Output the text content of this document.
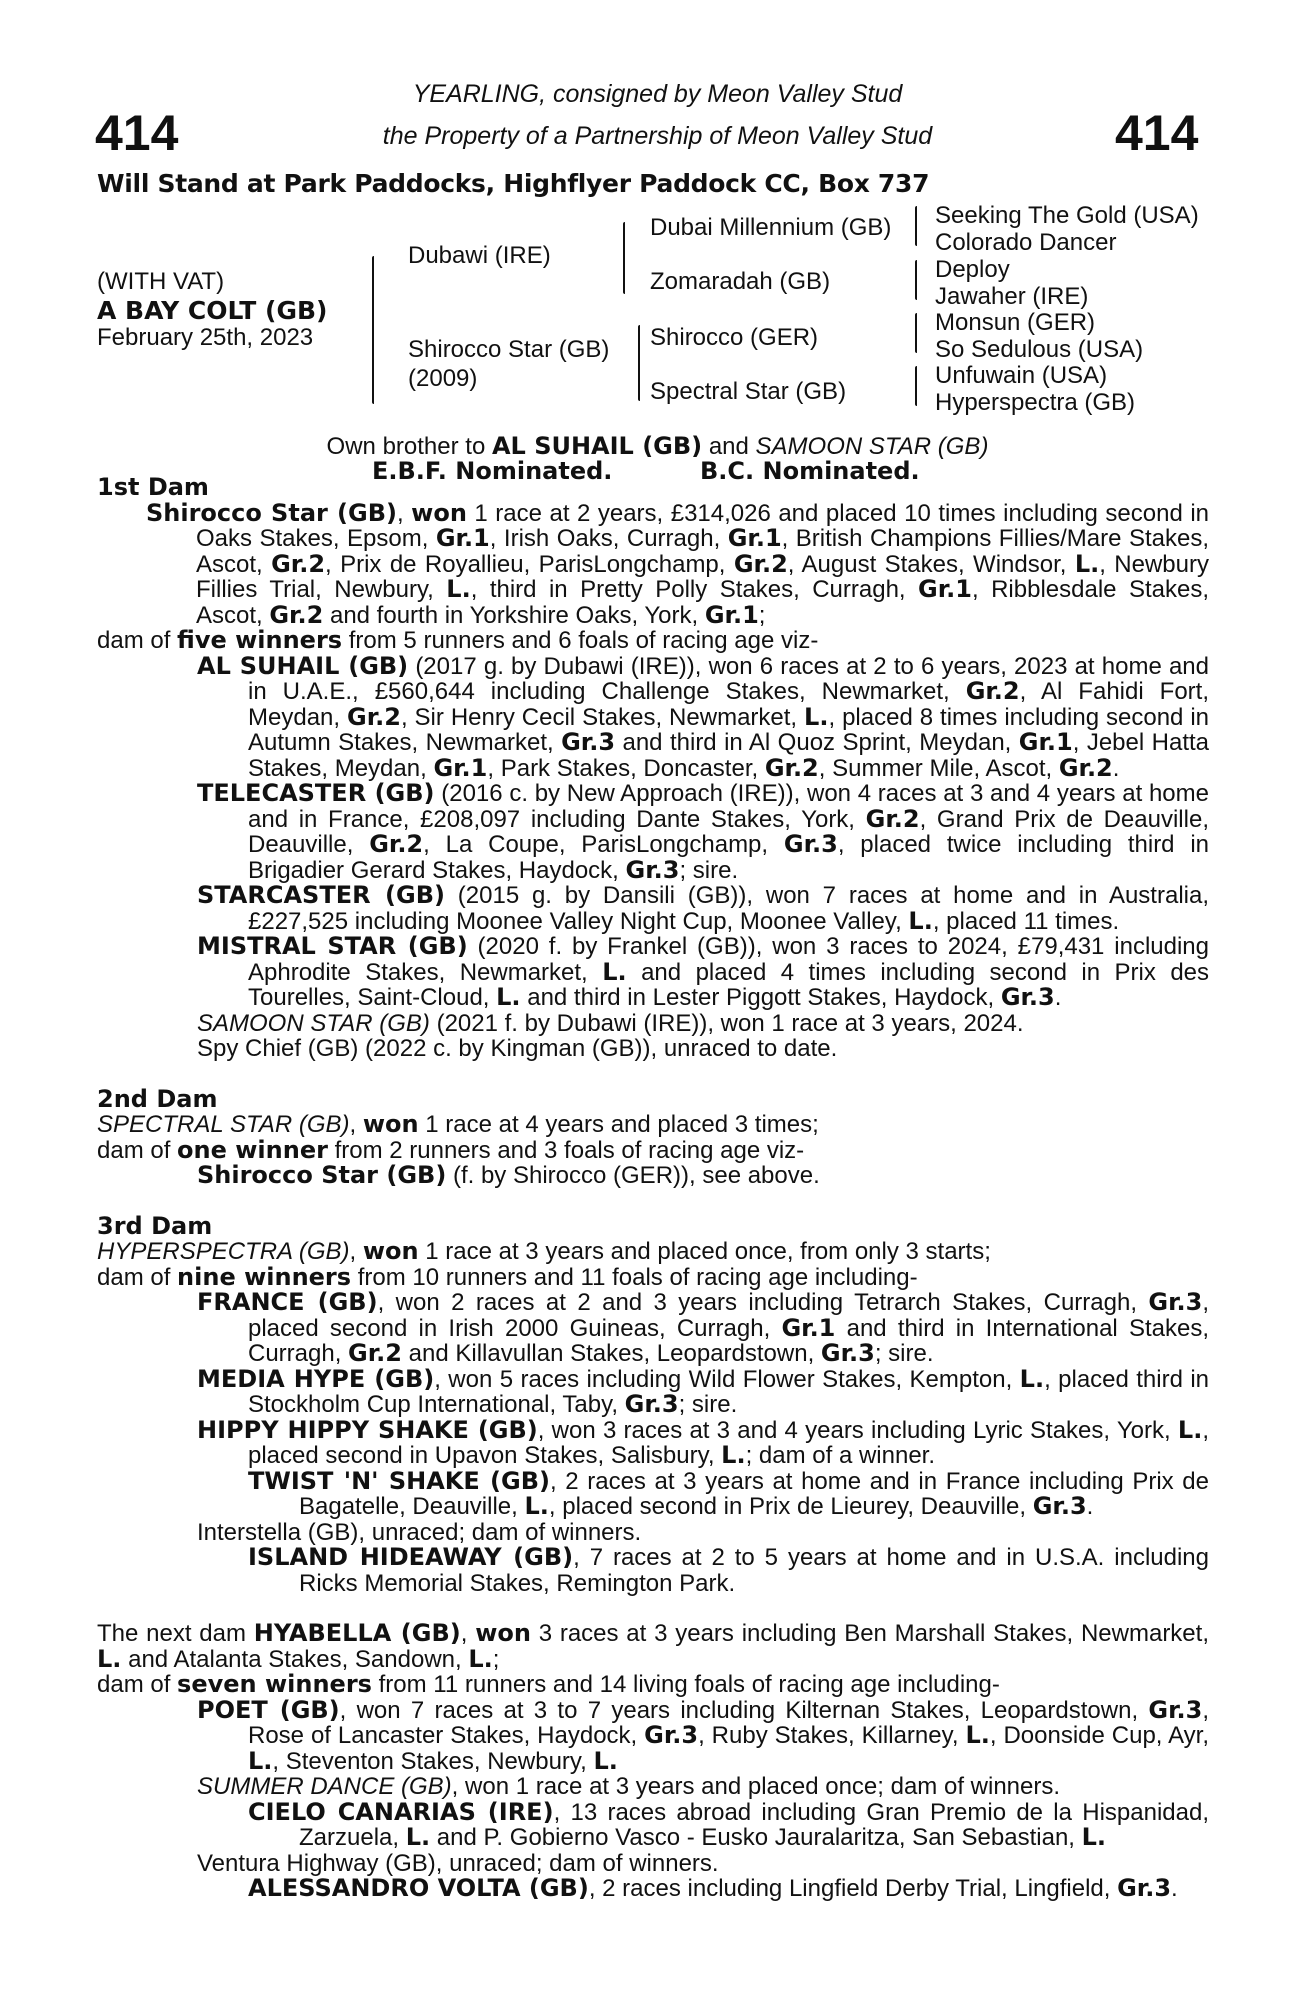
414	414
YEARLING, consigned by Meon Valley Stud
the Property of a Partnership of Meon Valley Stud
Will Stand at Park Paddocks, Highflyer Paddock CC, Box 737
(WITH VAT)
A BAY COLT (GB)
February 25th, 2023
Dubawi (IRE)
Shirocco Star (GB)
(2009)
Dubai Millennium (GB)
Zomaradah (GB)
Shirocco (GER)
Spectral Star (GB)
Seeking The Gold (USA)
Colorado Dancer
Deploy
Jawaher (IRE)
Monsun (GER)
So Sedulous (USA)
Unfuwain (USA)
Hyperspectra (GB)
Own brother to AL SUHAIL (GB) and SAMOON STAR (GB)
E.B.F. Nominated.	B.C. Nominated.

1st Dam

Shirocco Star (GB), won 1 race at 2 years, £314,026 and placed 10 times including second in Oaks Stakes, Epsom, Gr.1, Irish Oaks, Curragh, Gr.1, British Champions Fillies/Mare Stakes, Ascot, Gr.2, Prix de Royallieu, ParisLongchamp, Gr.2, August Stakes, Windsor, L., Newbury Fillies Trial, Newbury, L., third in Pretty Polly Stakes, Curragh, Gr.1, Ribblesdale Stakes, Ascot, Gr.2 and fourth in Yorkshire Oaks, York, Gr.1;

dam of five winners from 5 runners and 6 foals of racing age viz-

AL SUHAIL (GB) (2017 g. by Dubawi (IRE)), won 6 races at 2 to 6 years, 2023 at home and in U.A.E., £560,644 including Challenge Stakes, Newmarket, Gr.2, Al Fahidi Fort, Meydan, Gr.2, Sir Henry Cecil Stakes, Newmarket, L., placed 8 times including second in Autumn Stakes, Newmarket, Gr.3 and third in Al Quoz Sprint, Meydan, Gr.1, Jebel Hatta Stakes, Meydan, Gr.1, Park Stakes, Doncaster, Gr.2, Summer Mile, Ascot, Gr.2.

TELECASTER (GB) (2016 c. by New Approach (IRE)), won 4 races at 3 and 4 years at home and in France, £208,097 including Dante Stakes, York, Gr.2, Grand Prix de Deauville, Deauville, Gr.2, La Coupe, ParisLongchamp, Gr.3, placed twice including third in Brigadier Gerard Stakes, Haydock, Gr.3; sire.

STARCASTER (GB) (2015 g. by Dansili (GB)), won 7 races at home and in Australia, £227,525 including Moonee Valley Night Cup, Moonee Valley, L., placed 11 times.

MISTRAL STAR (GB) (2020 f. by Frankel (GB)), won 3 races to 2024, £79,431 including Aphrodite Stakes, Newmarket, L. and placed 4 times including second in Prix des Tourelles, Saint-Cloud, L. and third in Lester Piggott Stakes, Haydock, Gr.3.

SAMOON STAR (GB) (2021 f. by Dubawi (IRE)), won 1 race at 3 years, 2024.

Spy Chief (GB) (2022 c. by Kingman (GB)), unraced to date.

2nd Dam

SPECTRAL STAR (GB), won 1 race at 4 years and placed 3 times;

dam of one winner from 2 runners and 3 foals of racing age viz-

Shirocco Star (GB) (f. by Shirocco (GER)), see above.

3rd Dam

HYPERSPECTRA (GB), won 1 race at 3 years and placed once, from only 3 starts;

dam of nine winners from 10 runners and 11 foals of racing age including-

FRANCE (GB), won 2 races at 2 and 3 years including Tetrarch Stakes, Curragh, Gr.3, placed second in Irish 2000 Guineas, Curragh, Gr.1 and third in International Stakes, Curragh, Gr.2 and Killavullan Stakes, Leopardstown, Gr.3; sire.

MEDIA HYPE (GB), won 5 races including Wild Flower Stakes, Kempton, L., placed third in Stockholm Cup International, Taby, Gr.3; sire.

HIPPY HIPPY SHAKE (GB), won 3 races at 3 and 4 years including Lyric Stakes, York, L., placed second in Upavon Stakes, Salisbury, L.; dam of a winner.

TWIST 'N' SHAKE (GB), 2 races at 3 years at home and in France including Prix de Bagatelle, Deauville, L., placed second in Prix de Lieurey, Deauville, Gr.3.

Interstella (GB), unraced; dam of winners.

ISLAND HIDEAWAY (GB), 7 races at 2 to 5 years at home and in U.S.A. including Ricks Memorial Stakes, Remington Park.

The next dam HYABELLA (GB), won 3 races at 3 years including Ben Marshall Stakes, Newmarket, L. and Atalanta Stakes, Sandown, L.;

dam of seven winners from 11 runners and 14 living foals of racing age including-

POET (GB), won 7 races at 3 to 7 years including Kilternan Stakes, Leopardstown, Gr.3, Rose of Lancaster Stakes, Haydock, Gr.3, Ruby Stakes, Killarney, L., Doonside Cup, Ayr, L., Steventon Stakes, Newbury, L.

SUMMER DANCE (GB), won 1 race at 3 years and placed once; dam of winners.

CIELO CANARIAS (IRE), 13 races abroad including Gran Premio de la Hispanidad, Zarzuela, L. and P. Gobierno Vasco - Eusko Jauralaritza, San Sebastian, L.

Ventura Highway (GB), unraced; dam of winners.

ALESSANDRO VOLTA (GB), 2 races including Lingfield Derby Trial, Lingfield, Gr.3.
